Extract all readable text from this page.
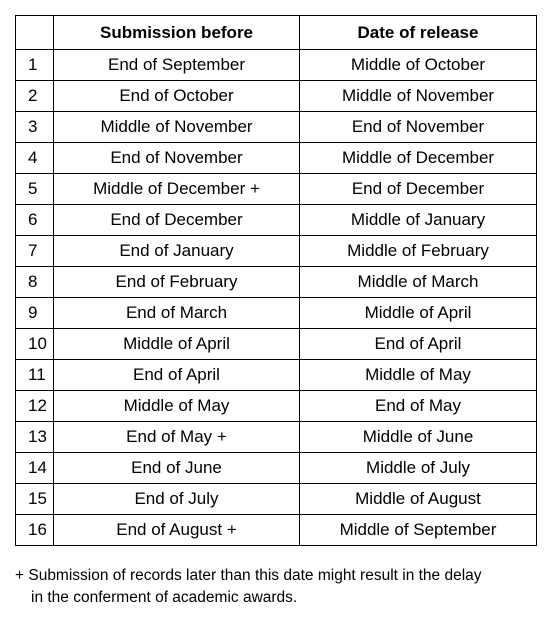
	Submission before	Date of release
1	End of September	Middle of October
2	End of October	Middle of November
3	Middle of November	End of November
4	End of November	Middle of December
5	Middle of December +	End of December
6	End of December	Middle of January
7	End of January	Middle of February
8	End of February	Middle of March
9	End of March	Middle of April
10	Middle of April	End of April
11	End of April	Middle of May
12	Middle of May	End of May
13	End of May +	Middle of June
14	End of June	Middle of July
15	End of July	Middle of August
16	End of August +	Middle of September
+ Submission of records later than this date might result in the delay
in the conferment of academic awards.
